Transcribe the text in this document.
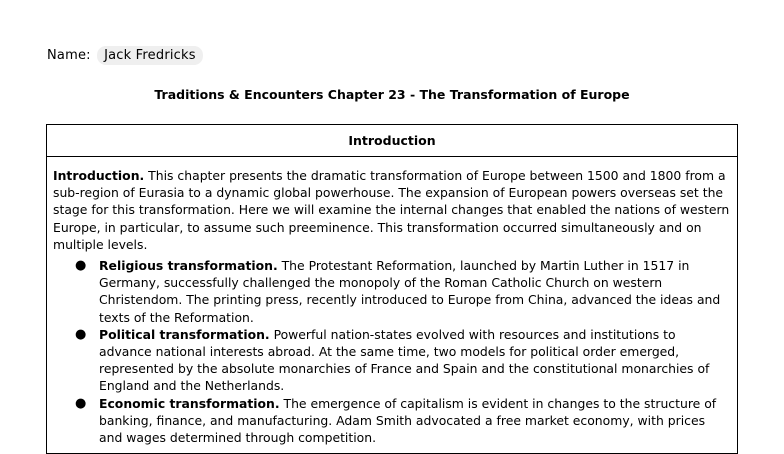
Name: Jack Fredricks
Traditions & Encounters Chapter 23 - The Transformation of Europe
Introduction

Introduction. This chapter presents the dramatic transformation of Europe between 1500 and 1800 from a sub-region of Eurasia to a dynamic global powerhouse. The expansion of European powers overseas set the stage for this transformation. Here we will examine the internal changes that enabled the nations of western Europe, in particular, to assume such preeminence. This transformation occurred simultaneously and on multiple levels.

● Religious transformation. The Protestant Reformation, launched by Martin Luther in 1517 in Germany, successfully challenged the monopoly of the Roman Catholic Church on western Christendom. The printing press, recently introduced to Europe from China, advanced the ideas and texts of the Reformation.
● Political transformation. Powerful nation-states evolved with resources and institutions to advance national interests abroad. At the same time, two models for political order emerged, represented by the absolute monarchies of France and Spain and the constitutional monarchies of England and the Netherlands.
● Economic transformation. The emergence of capitalism is evident in changes to the structure of banking, finance, and manufacturing. Adam Smith advocated a free market economy, with prices and wages determined through competition.
